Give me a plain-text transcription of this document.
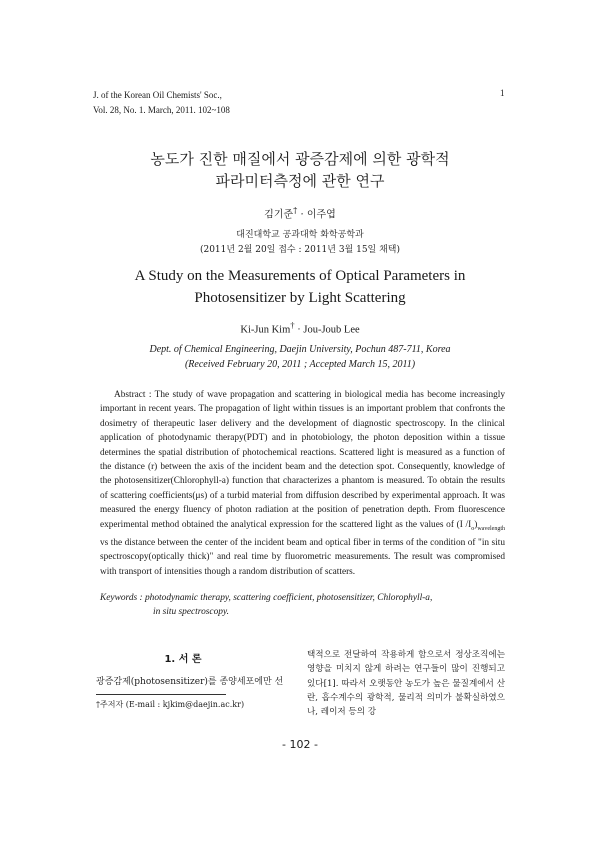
J. of the Korean Oil Chemists' Soc.,
Vol. 28, No. 1. March, 2011. 102~108
1
농도가 진한 매질에서 광증감제에 의한 광학적
파라미터측정에 관한 연구
김기준† · 이주엽
대진대학교 공과대학 화학공학과
(2011년 2월 20일 접수 : 2011년 3월 15일 채택)
A Study on the Measurements of Optical Parameters in
Photosensitizer by Light Scattering
Ki-Jun Kim† · Jou-Joub Lee
Dept. of Chemical Engineering, Daejin University, Pochun 487-711, Korea
(Received February 20, 2011 ; Accepted March 15, 2011)
Abstract : The study of wave propagation and scattering in biological media has become increasingly important in recent years. The propagation of light within tissues is an important problem that confronts the dosimetry of therapeutic laser delivery and the development of diagnostic spectroscopy. In the clinical application of photodynamic therapy(PDT) and in photobiology, the photon deposition within a tissue determines the spatial distribution of photochemical reactions. Scattered light is measured as a function of the distance (r) between the axis of the incident beam and the detection spot. Consequently, knowledge of the photosensitizer(Chlorophyll-a) function that characterizes a phantom is measured. To obtain the results of scattering coefficients(μs) of a turbid material from diffusion described by experimental approach. It was measured the energy fluency of photon radiation at the position of penetration depth. From fluorescence experimental method obtained the analytical expression for the scattered light as the values of (I $/I_o)_{wavelength}$ vs the distance between the center of the incident beam and optical fiber in terms of the condition of "in situ spectroscopy(optically thick)" and real time by fluorometric measurements. The result was compromised with transport of intensities though a random distribution of scatters.
Keywords : photodynamic therapy, scattering coefficient, photosensitizer, Chlorophyll-a,
in situ spectroscopy.
1. 서 론
광증감제(photosensitizer)를 종양세포에만 선
†주저자 (E-mail : kjkim@daejin.ac.kr)
택적으로 전달하여 작용하게 함으로서 정상조직에는 영향을 미치지 않게 하려는 연구들이 많이 진행되고 있다[1]. 따라서 오랫동안 농도가 높은 물질계에서 산란, 흡수계수의 광학적, 물리적 의미가 불확실하였으나, 레이저 등의 강
- 102 -
